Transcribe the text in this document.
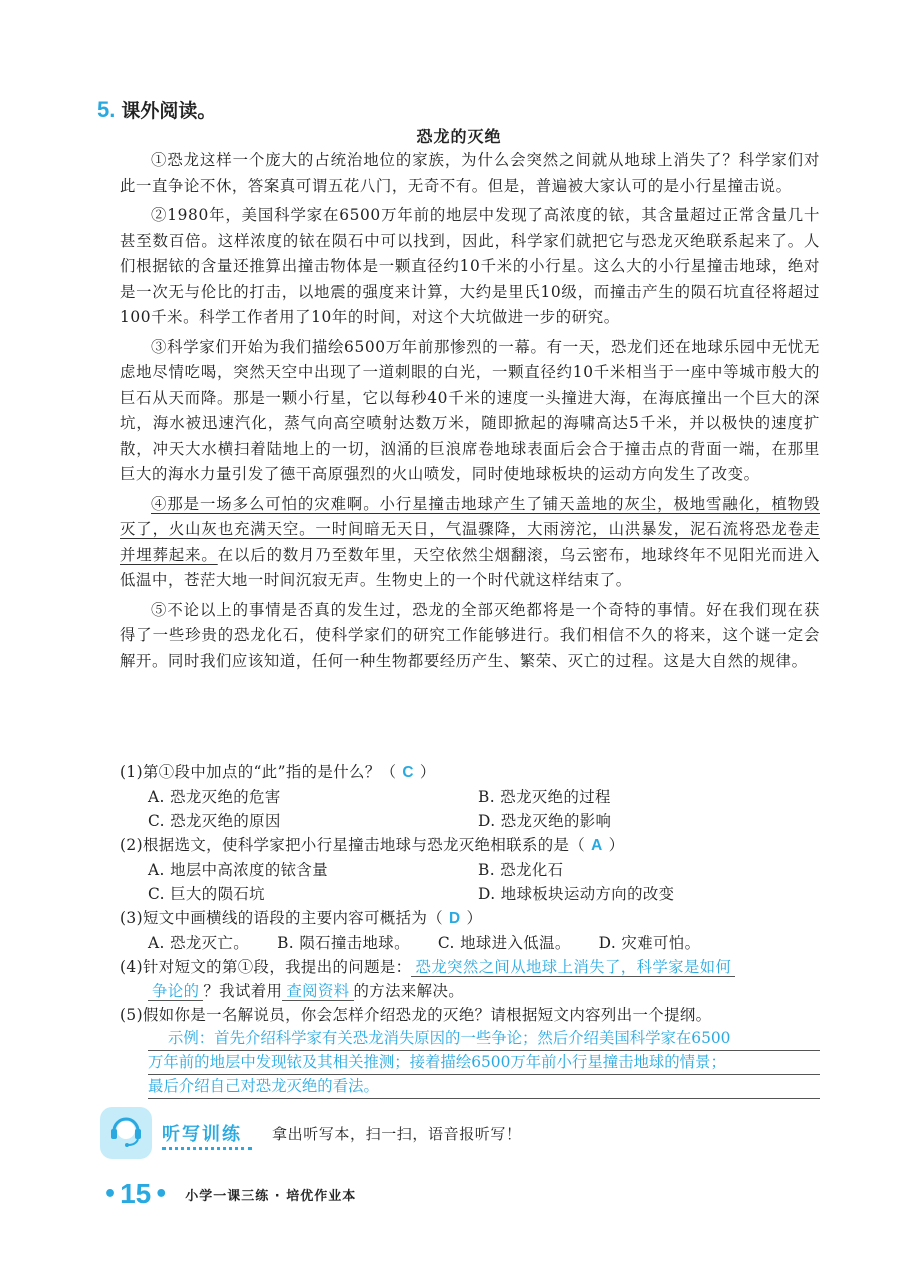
5. 课外阅读。
恐龙的灭绝

①恐龙这样一个庞大的占统治地位的家族，为什么会突然之间就从地球上消失了？科学家们对此一直争论不休，答案真可谓五花八门，无奇不有。但是，普遍被大家认可的是小行星撞击说。

②1980年，美国科学家在6500万年前的地层中发现了高浓度的铱，其含量超过正常含量几十甚至数百倍。这样浓度的铱在陨石中可以找到，因此，科学家们就把它与恐龙灭绝联系起来了。人们根据铱的含量还推算出撞击物体是一颗直径约10千米的小行星。这么大的小行星撞击地球，绝对是一次无与伦比的打击，以地震的强度来计算，大约是里氏10级，而撞击产生的陨石坑直径将超过100千米。科学工作者用了10年的时间，对这个大坑做进一步的研究。

③科学家们开始为我们描绘6500万年前那惨烈的一幕。有一天，恐龙们还在地球乐园中无忧无虑地尽情吃喝，突然天空中出现了一道刺眼的白光，一颗直径约10千米相当于一座中等城市般大的巨石从天而降。那是一颗小行星，它以每秒40千米的速度一头撞进大海，在海底撞出一个巨大的深坑，海水被迅速汽化，蒸气向高空喷射达数万米，随即掀起的海啸高达5千米，并以极快的速度扩散，冲天大水横扫着陆地上的一切，汹涌的巨浪席卷地球表面后会合于撞击点的背面一端，在那里巨大的海水力量引发了德干高原强烈的火山喷发，同时使地球板块的运动方向发生了改变。

④那是一场多么可怕的灾难啊。小行星撞击地球产生了铺天盖地的灰尘，极地雪融化，植物毁灭了，火山灰也充满天空。一时间暗无天日，气温骤降，大雨滂沱，山洪暴发，泥石流将恐龙卷走并埋葬起来。在以后的数月乃至数年里，天空依然尘烟翻滚，乌云密布，地球终年不见阳光而进入低温中，苍茫大地一时间沉寂无声。生物史上的一个时代就这样结束了。

⑤不论以上的事情是否真的发生过，恐龙的全部灭绝都将是一个奇特的事情。好在我们现在获得了一些珍贵的恐龙化石，使科学家们的研究工作能够进行。我们相信不久的将来，这个谜一定会解开。同时我们应该知道，任何一种生物都要经历产生、繁荣、灭亡的过程。这是大自然的规律。

(1)第①段中加点的“此”指的是什么？（ C ）
A. 恐龙灭绝的危害	B. 恐龙灭绝的过程
C. 恐龙灭绝的原因	D. 恐龙灭绝的影响
(2)根据选文，使科学家把小行星撞击地球与恐龙灭绝相联系的是（ A ）
A. 地层中高浓度的铱含量	B. 恐龙化石
C. 巨大的陨石坑	D. 地球板块运动方向的改变
(3)短文中画横线的语段的主要内容可概括为（ D ）
A. 恐龙灭亡。 B. 陨石撞击地球。 C. 地球进入低温。 D. 灾难可怕。
(4)针对短文的第①段，我提出的问题是： 恐龙突然之间从地球上消失了，科学家是如何
争论的 ？我试着用 查阅资料 的方法来解决。
(5)假如你是一名解说员，你会怎样介绍恐龙的灭绝？请根据短文内容列出一个提纲。
示例：首先介绍科学家有关恐龙消失原因的一些争论；然后介绍美国科学家在6500
万年前的地层中发现铱及其相关推测；接着描绘6500万年前小行星撞击地球的情景；
最后介绍自己对恐龙灭绝的看法。
听写训练 拿出听写本，扫一扫，语音报听写！
• 15 • 小学一课三练 · 培优作业本
